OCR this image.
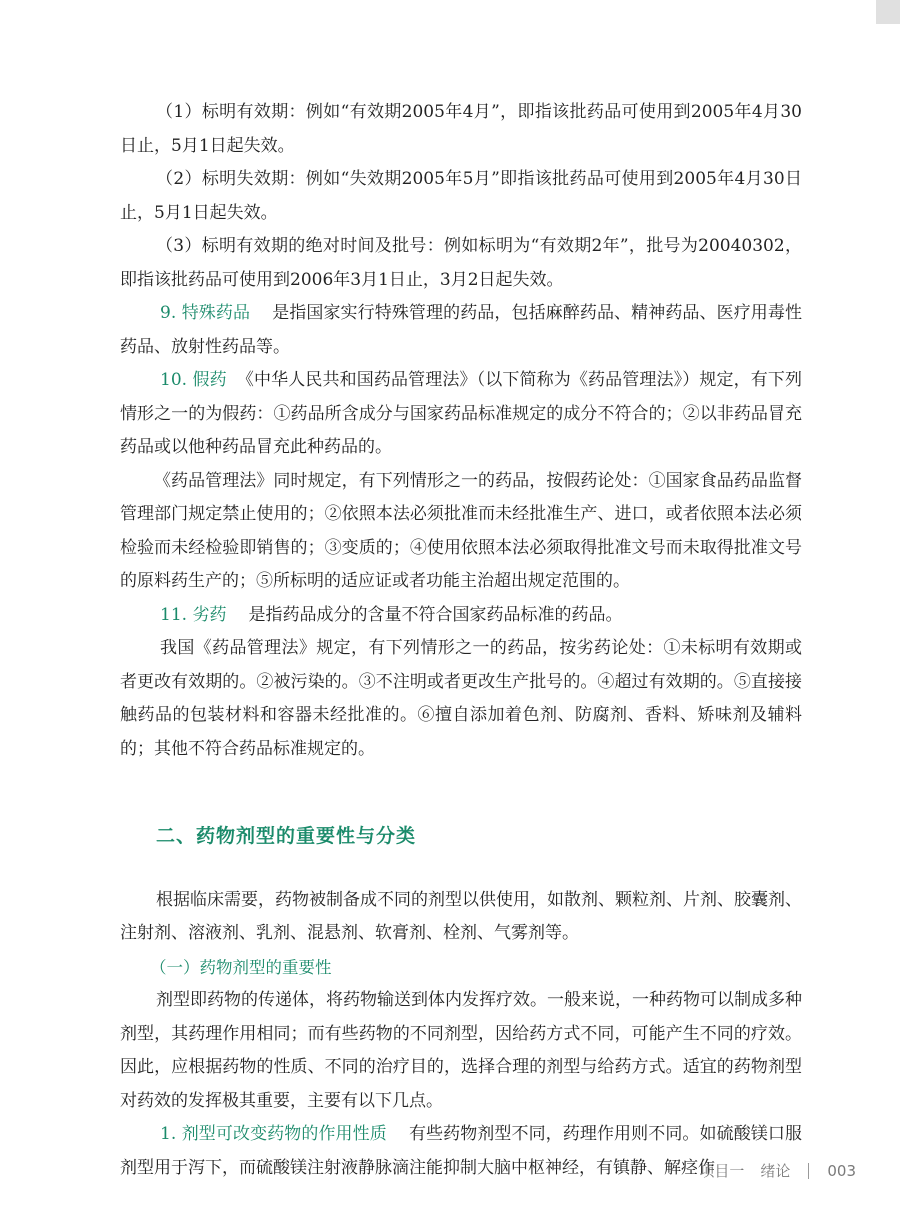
（1）标明有效期：例如“有效期2005年4月”，即指该批药品可使用到2005年4月30日止，5月1日起失效。

（2）标明失效期：例如“失效期2005年5月”即指该批药品可使用到2005年4月30日止，5月1日起失效。

（3）标明有效期的绝对时间及批号：例如标明为“有效期2年”，批号为20040302，即指该批药品可使用到2006年3月1日止，3月2日起失效。

9. 特殊药品 是指国家实行特殊管理的药品，包括麻醉药品、精神药品、医疗用毒性药品、放射性药品等。

10. 假药 《中华人民共和国药品管理法》（以下简称为《药品管理法》）规定，有下列情形之一的为假药：①药品所含成分与国家药品标准规定的成分不符合的；②以非药品冒充药品或以他种药品冒充此种药品的。

《药品管理法》同时规定，有下列情形之一的药品，按假药论处：①国家食品药品监督管理部门规定禁止使用的；②依照本法必须批准而未经批准生产、进口，或者依照本法必须检验而未经检验即销售的；③变质的；④使用依照本法必须取得批准文号而未取得批准文号的原料药生产的；⑤所标明的适应证或者功能主治超出规定范围的。

11. 劣药 是指药品成分的含量不符合国家药品标准的药品。

我国《药品管理法》规定，有下列情形之一的药品，按劣药论处：①未标明有效期或者更改有效期的。②被污染的。③不注明或者更改生产批号的。④超过有效期的。⑤直接接触药品的包装材料和容器未经批准的。⑥擅自添加着色剂、防腐剂、香料、矫味剂及辅料的；其他不符合药品标准规定的。

二、药物剂型的重要性与分类

根据临床需要，药物被制备成不同的剂型以供使用，如散剂、颗粒剂、片剂、胶囊剂、注射剂、溶液剂、乳剂、混悬剂、软膏剂、栓剂、气雾剂等。

（一）药物剂型的重要性

剂型即药物的传递体，将药物输送到体内发挥疗效。一般来说，一种药物可以制成多种剂型，其药理作用相同；而有些药物的不同剂型，因给药方式不同，可能产生不同的疗效。因此，应根据药物的性质、不同的治疗目的，选择合理的剂型与给药方式。适宜的药物剂型对药效的发挥极其重要，主要有以下几点。

1. 剂型可改变药物的作用性质 有些药物剂型不同，药理作用则不同。如硫酸镁口服剂型用于泻下，而硫酸镁注射液静脉滴注能抑制大脑中枢神经，有镇静、解痉作

项目一 绪论 003
